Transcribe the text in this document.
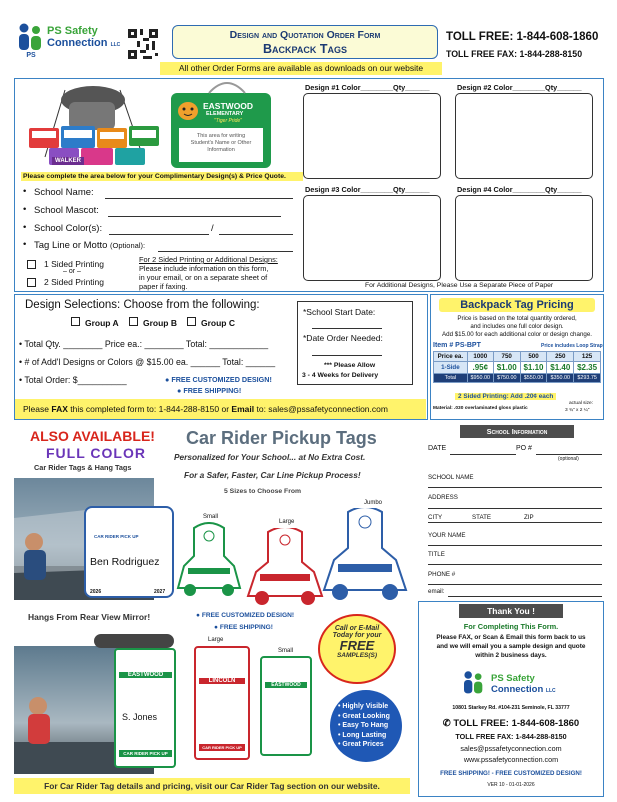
PS
PS Safety
Connection LLC
Design and Quotation Order Form
Backpack Tags
All other Order Forms are available as downloads on our website
TOLL FREE: 1-844-608-1860
TOLL FREE FAX: 1-844-288-8150
WALKER
EASTWOOD
ELEMENTARY
"Tiger Pride"
This area for writing Student's Name or Other Information
Please complete the area below for your Complimentary Design(s) & Price Quote.
• School Name:
• School Mascot:
• School Color(s):	/
• Tag Line or Motto (Optional):
1 Sided Printing
– or –
2 Sided Printing
For 2 Sided Printing or Additional Designs:
Please include information on this form, in your email, or on a separate sheet of paper if faxing.
Design #1 Color________Qty______	Design #2 Color________Qty______
Design #3 Color________Qty______	Design #4 Color________Qty______
For Additional Designs, Please Use a Separate Piece of Paper
Design Selections: Choose from the following:
Group A	Group B	Group C
• Total Qty. ________ Price ea.: ________ Total: ____________
• # of Add'l Designs or Colors @ $15.00 ea. ______ Total: ______
• Total Order: $__________	● FREE CUSTOMIZED DESIGN!
● FREE SHIPPING!
*School Start Date:
*Date Order Needed:
*** Please Allow
3 - 4 Weeks for Delivery
Please FAX this completed form to: 1-844-288-8150 or Email to: sales@pssafetyconnection.com
Backpack Tag Pricing
Price is based on the total quantity ordered,
and includes one full color design.
Add $15.00 for each additional color or design change.
Item # PS-BPT	Price includes Loop Strap
Price ea.	1000	750	500	250	125
1-Side	.95¢	$1.00	$1.10	$1.40	$2.35
Total	$950.00	$750.00	$550.00	$350.00	$293.75
2 Sided Printing: Add .20¢ each
Material: .030 overlaminated gloss plastic
actual size:
3 ¾" x 2 ¼"
ALSO AVAILABLE!
FULL COLOR
Car Rider Tags & Hang Tags
Car Rider Pickup Tags
Personalized for Your School... at No Extra Cost.
For a Safer, Faster, Car Line Pickup Process!
5 Sizes to Choose From
CAR RIDER PICK UP
Ben Rodriguez
2026	2027
Small
Large
Jumbo
Hangs From Rear View Mirror!	● FREE CUSTOMIZED DESIGN!
● FREE SHIPPING!
EASTWOOD
S. Jones
CAR RIDER PICK UP
Large
LINCOLN
CAR RIDER PICK UP
Small
EASTWOOD
Call or E-Mail
Today for your
FREE
SAMPLES(S)
• Highly Visible
• Great Looking
• Easy To Hang
• Long Lasting
• Great Prices
For Car Rider Tag details and pricing, visit our Car Rider Tag section on our website.
School Information
DATE	PO #
(optional)
SCHOOL NAME
ADDRESS
CITY	STATE	ZIP
YOUR NAME
TITLE
PHONE #
email:
Thank You !
For Completing This Form.
Please FAX, or Scan & Email this form back to us and we will email you a sample design and quote within 2 business days.
PS Safety
Connection LLC
10801 Starkey Rd. #104-231 Seminole, FL 33777
✆ TOLL FREE: 1-844-608-1860
TOLL FREE FAX: 1-844-288-8150
sales@pssafetyconnection.com
www.pssafetyconnection.com
FREE SHIPPING! - FREE CUSTOMIZED DESIGN!
VER 10 - 01-01-2026
